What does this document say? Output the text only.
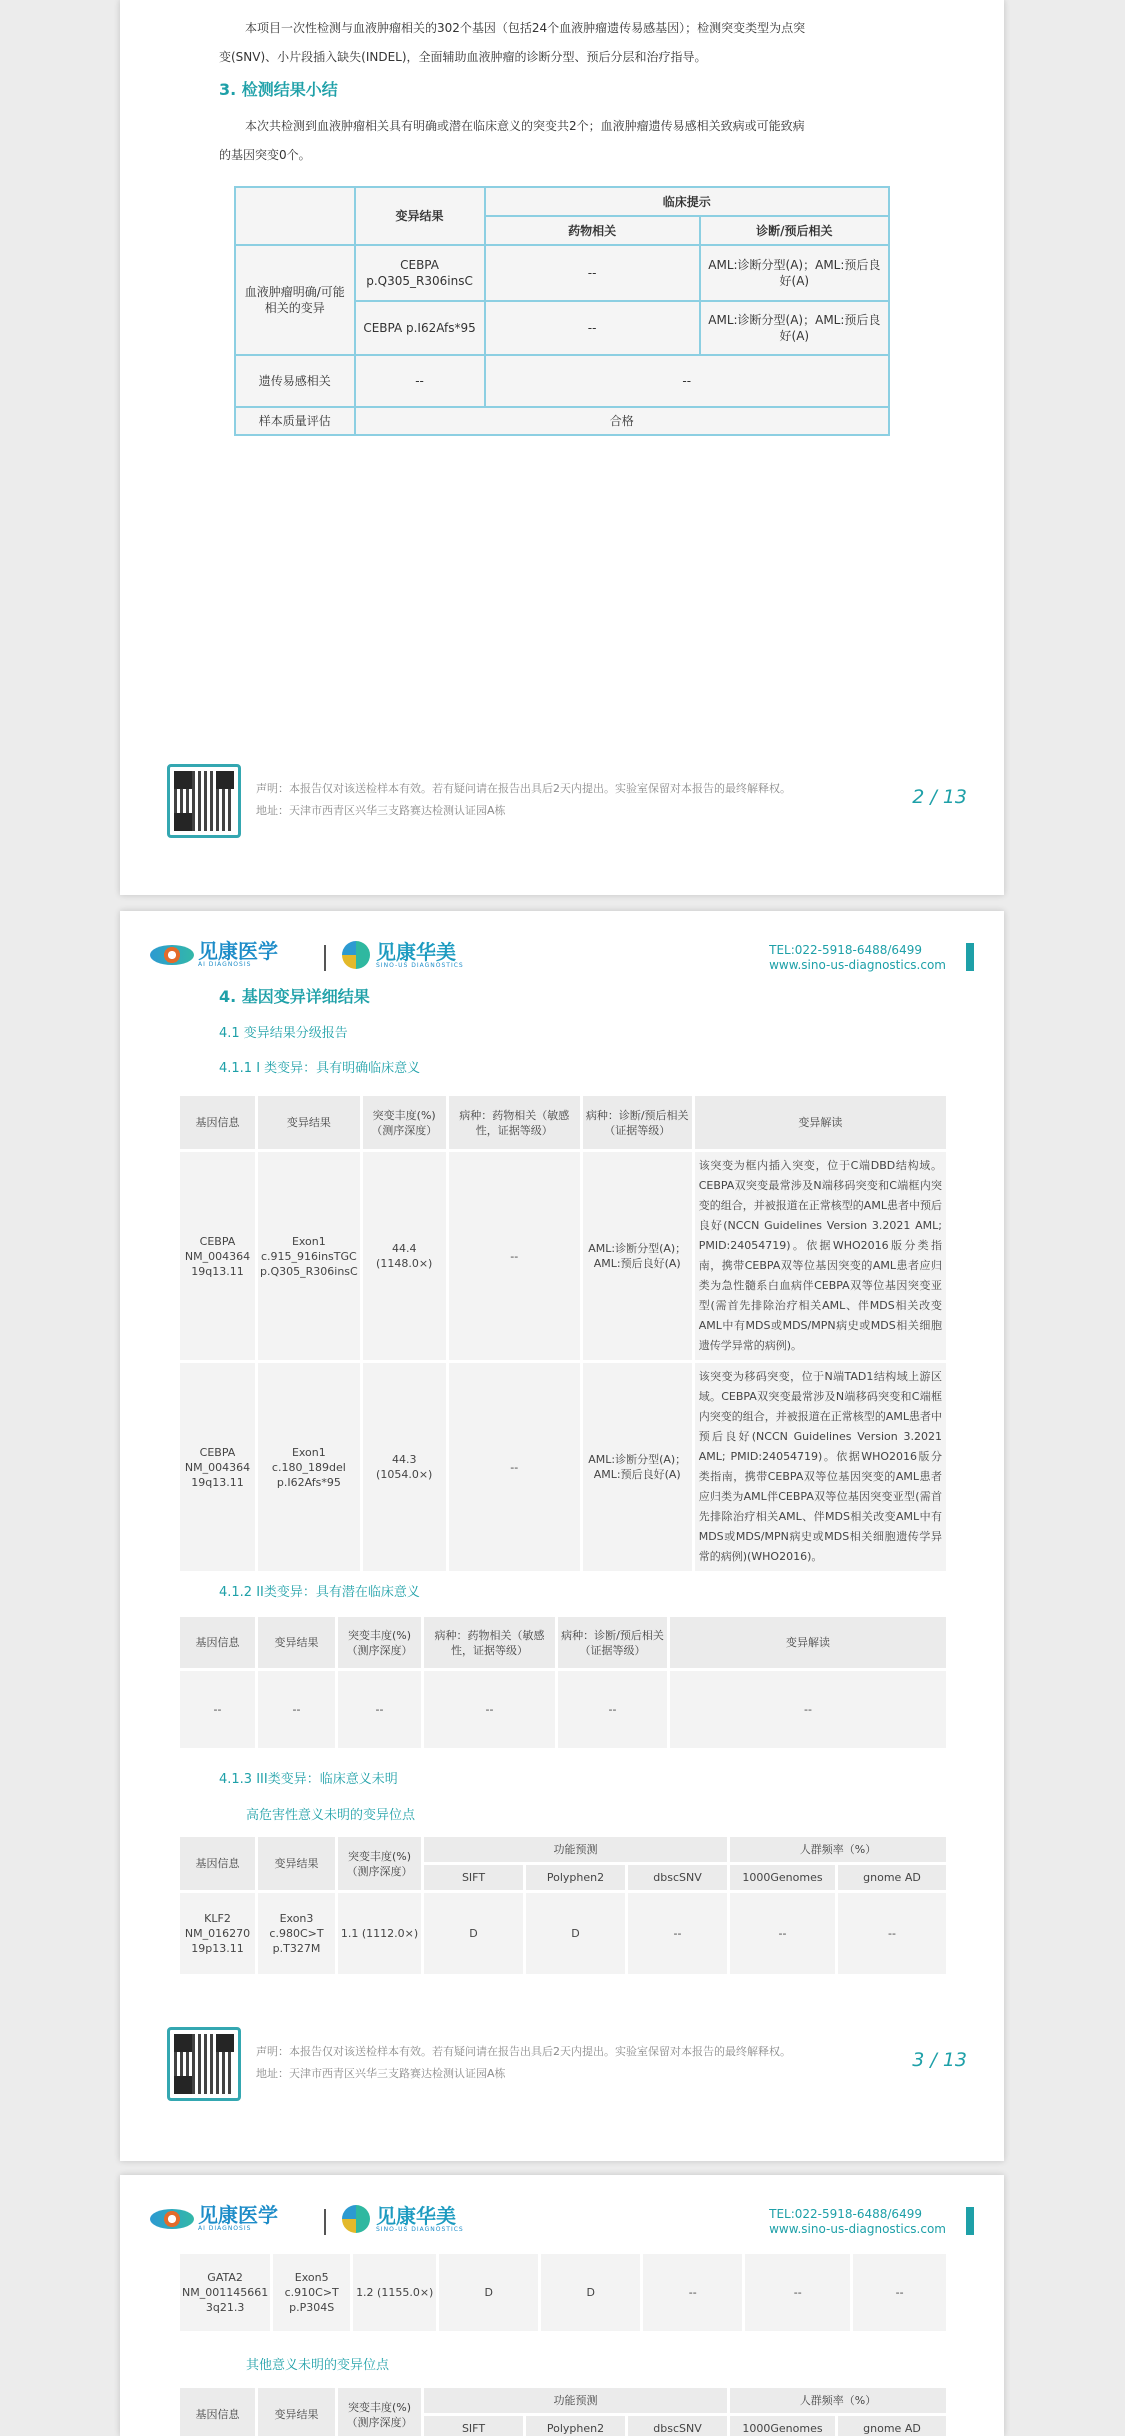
本项目一次性检测与血液肿瘤相关的302个基因（包括24个血液肿瘤遗传易感基因）；检测突变类型为点突

变(SNV)、小片段插入缺失(INDEL)，全面辅助血液肿瘤的诊断分型、预后分层和治疗指导。
3. 检测结果小结

本次共检测到血液肿瘤相关具有明确或潜在临床意义的突变共2个；血液肿瘤遗传易感相关致病或可能致病

的基因突变0个。
	变异结果	临床提示	
		药物相关	诊断/预后相关
血液肿瘤明确/可能相关的变异	CEBPA p.Q305_R306insC	--	AML:诊断分型(A)；AML:预后良好(A)
	CEBPA p.I62Afs*95	--	AML:诊断分型(A)；AML:预后良好(A)
遗传易感相关	--	--	
样本质量评估	合格		
声明：本报告仅对该送检样本有效。若有疑问请在报告出具后2天内提出。实验室保留对本报告的最终解释权。
地址：天津市西青区兴华三支路赛达检测认证园A栋
2 / 13
见康医学
AI DIAGNOSIS
见康华美
SINO-US DIAGNOSTICS
TEL:022-5918-6488/6499
www.sino-us-diagnostics.com
4. 基因变异详细结果
4.1 变异结果分级报告
4.1.1 I 类变异：具有明确临床意义
基因信息	变异结果	突变丰度(%)（测序深度）	病种：药物相关（敏感性，证据等级）	病种：诊断/预后相关（证据等级）	变异解读
CEBPA NM_004364 19q13.11	Exon1 c.915_916insTGC p.Q305_R306insC	44.4 (1148.0×)	--	AML:诊断分型(A)；AML:预后良好(A)	该突变为框内插入突变，位于C端DBD结构域。CEBPA双突变最常涉及N端移码突变和C端框内突变的组合，并被报道在正常核型的AML患者中预后良好(NCCN Guidelines Version 3.2021 AML; PMID:24054719)。依据WHO2016版分类指南，携带CEBPA双等位基因突变的AML患者应归类为急性髓系白血病伴CEBPA双等位基因突变亚型(需首先排除治疗相关AML、伴MDS相关改变AML中有MDS或MDS/MPN病史或MDS相关细胞遗传学异常的病例)。
CEBPA NM_004364 19q13.11	Exon1 c.180_189del p.I62Afs*95	44.3 (1054.0×)	--	AML:诊断分型(A)；AML:预后良好(A)	该突变为移码突变，位于N端TAD1结构域上游区域。CEBPA双突变最常涉及N端移码突变和C端框内突变的组合，并被报道在正常核型的AML患者中预后良好(NCCN Guidelines Version 3.2021 AML; PMID:24054719)。依据WHO2016版分类指南，携带CEBPA双等位基因突变的AML患者应归类为AML伴CEBPA双等位基因突变亚型(需首先排除治疗相关AML、伴MDS相关改变AML中有MDS或MDS/MPN病史或MDS相关细胞遗传学异常的病例)(WHO2016)。
4.1.2 II类变异：具有潜在临床意义
基因信息	变异结果	突变丰度(%)（测序深度）	病种：药物相关（敏感性，证据等级）	病种：诊断/预后相关（证据等级）	变异解读
--	--	--	--	--	--
4.1.3 III类变异：临床意义未明
高危害性意义未明的变异位点
基因信息	变异结果	突变丰度(%)（测序深度）	功能预测			人群频率（%）	
			SIFT	Polyphen2	dbscSNV	1000Genomes	gnome AD
KLF2 NM_016270 19p13.11	Exon3 c.980C>T p.T327M	1.1 (1112.0×)	D	D	--	--	--
声明：本报告仅对该送检样本有效。若有疑问请在报告出具后2天内提出。实验室保留对本报告的最终解释权。
地址：天津市西青区兴华三支路赛达检测认证园A栋
3 / 13
见康医学
AI DIAGNOSIS
见康华美
SINO-US DIAGNOSTICS
TEL:022-5918-6488/6499
www.sino-us-diagnostics.com
GATA2 NM_001145661 3q21.3	Exon5 c.910C>T p.P304S	1.2 (1155.0×)	D	D	--	--	--
其他意义未明的变异位点
基因信息	变异结果	突变丰度(%)（测序深度）	功能预测			人群频率（%）	
			SIFT	Polyphen2	dbscSNV	1000Genomes	gnome AD
